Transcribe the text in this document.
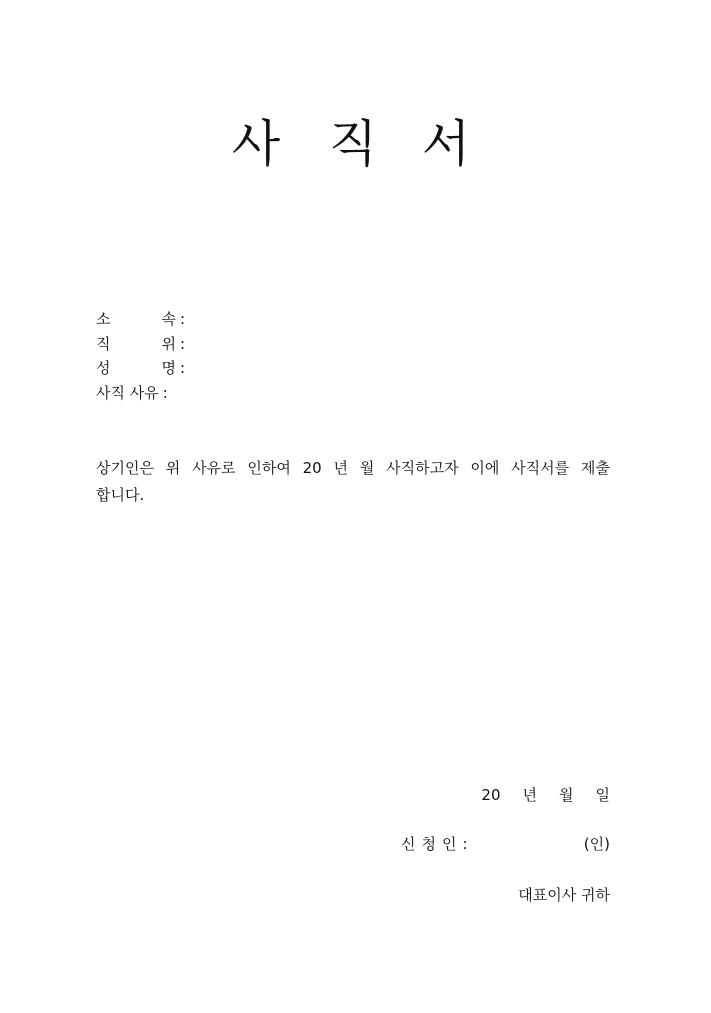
사 직 서
소	속 :
직	위 :
성	명 :
사직 사유 :
상기인은 위 사유로 인하여 20 년 월 사직하고자 이에 사직서를 제출
합니다.
20 년 월 일
신 청 인 :	(인)
대표이사 귀하
